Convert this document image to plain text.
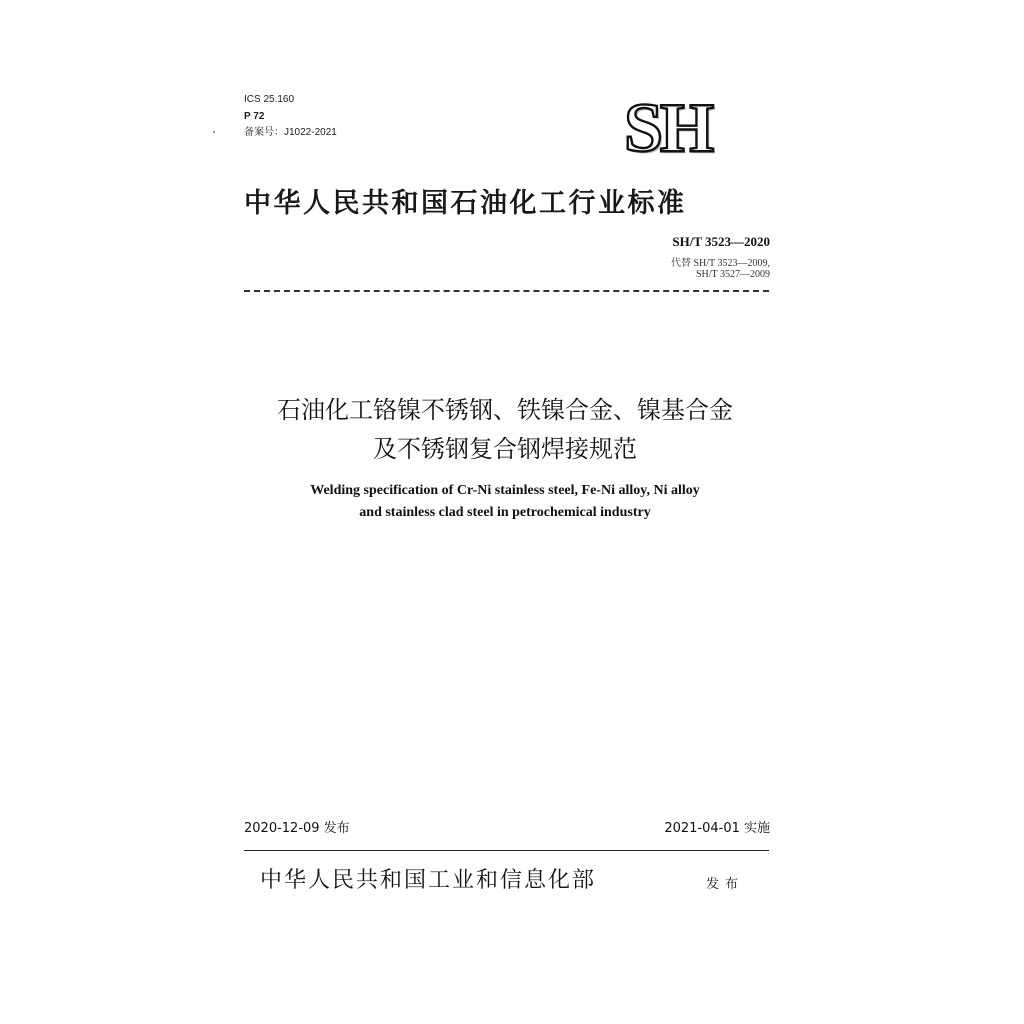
ICS 25.160
P 72
备案号：J1022-2021	SH
中华人民共和国石油化工行业标准
SH/T 3523—2020
代替 SH/T 3523—2009,
SH/T 3527—2009
石油化工铬镍不锈钢、铁镍合金、镍基合金
及不锈钢复合钢焊接规范
Welding specification of Cr-Ni stainless steel, Fe-Ni alloy, Ni alloy
and stainless clad steel in petrochemical industry
2020-12-09 发布	2021-04-01 实施
中华人民共和国工业和信息化部	发布
